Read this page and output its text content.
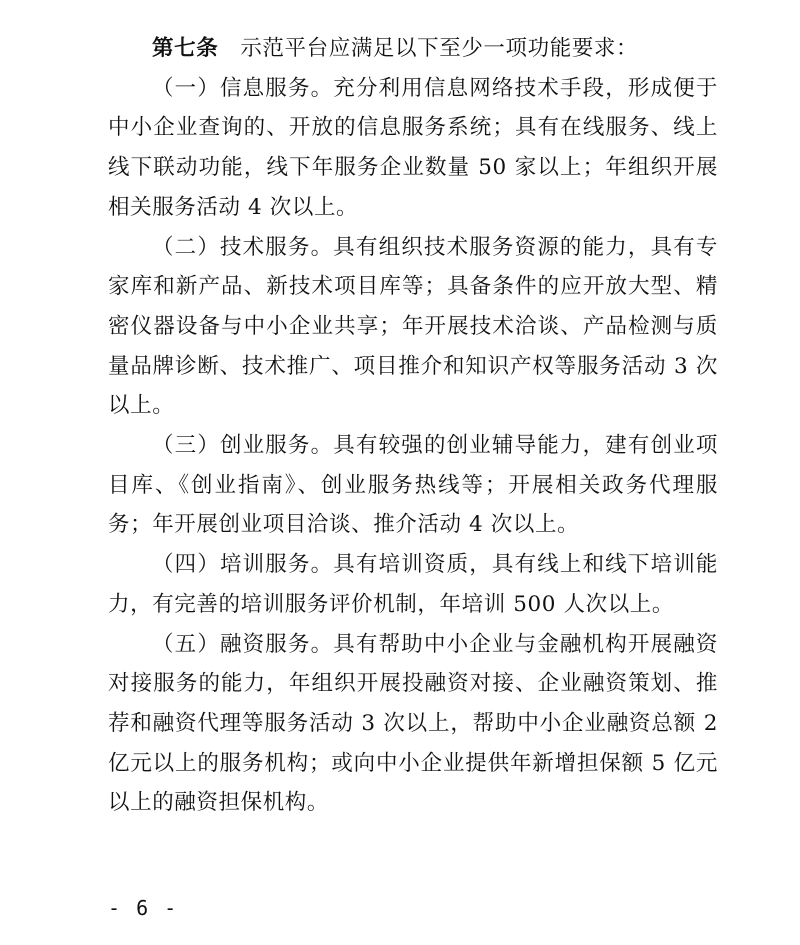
第七条 示范平台应满足以下至少一项功能要求：

（一）信息服务。充分利用信息网络技术手段，形成便于中小企业查询的、开放的信息服务系统；具有在线服务、线上线下联动功能，线下年服务企业数量 50 家以上；年组织开展相关服务活动 4 次以上。

（二）技术服务。具有组织技术服务资源的能力，具有专家库和新产品、新技术项目库等；具备条件的应开放大型、精密仪器设备与中小企业共享；年开展技术洽谈、产品检测与质量品牌诊断、技术推广、项目推介和知识产权等服务活动 3 次以上。

（三）创业服务。具有较强的创业辅导能力，建有创业项目库、《创业指南》、创业服务热线等；开展相关政务代理服务；年开展创业项目洽谈、推介活动 4 次以上。

（四）培训服务。具有培训资质，具有线上和线下培训能力，有完善的培训服务评价机制，年培训 500 人次以上。

（五）融资服务。具有帮助中小企业与金融机构开展融资对接服务的能力，年组织开展投融资对接、企业融资策划、推荐和融资代理等服务活动 3 次以上，帮助中小企业融资总额 2 亿元以上的服务机构；或向中小企业提供年新增担保额 5 亿元以上的融资担保机构。

- 6 -
